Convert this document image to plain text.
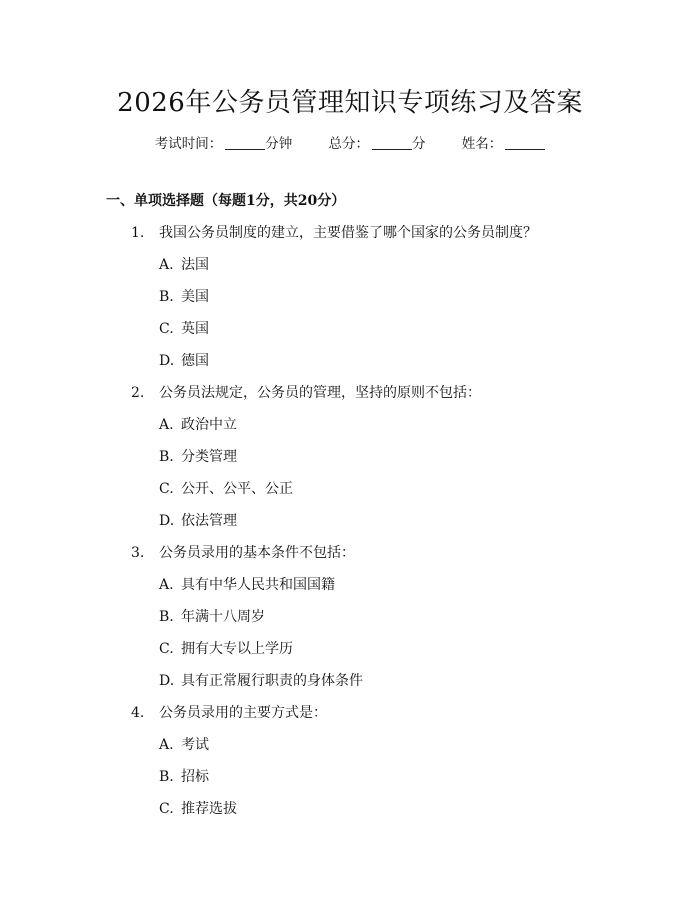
2026年公务员管理知识专项练习及答案
考试时间：	分钟	总分：	分	姓名：
一、单项选择题（每题1分，共20分）
1. 我国公务员制度的建立，主要借鉴了哪个国家的公务员制度？
A. 法国
B. 美国
C. 英国
D. 德国
2. 公务员法规定，公务员的管理，坚持的原则不包括：
A. 政治中立
B. 分类管理
C. 公开、公平、公正
D. 依法管理
3. 公务员录用的基本条件不包括：
A. 具有中华人民共和国国籍
B. 年满十八周岁
C. 拥有大专以上学历
D. 具有正常履行职责的身体条件
4. 公务员录用的主要方式是：
A. 考试
B. 招标
C. 推荐选拔
